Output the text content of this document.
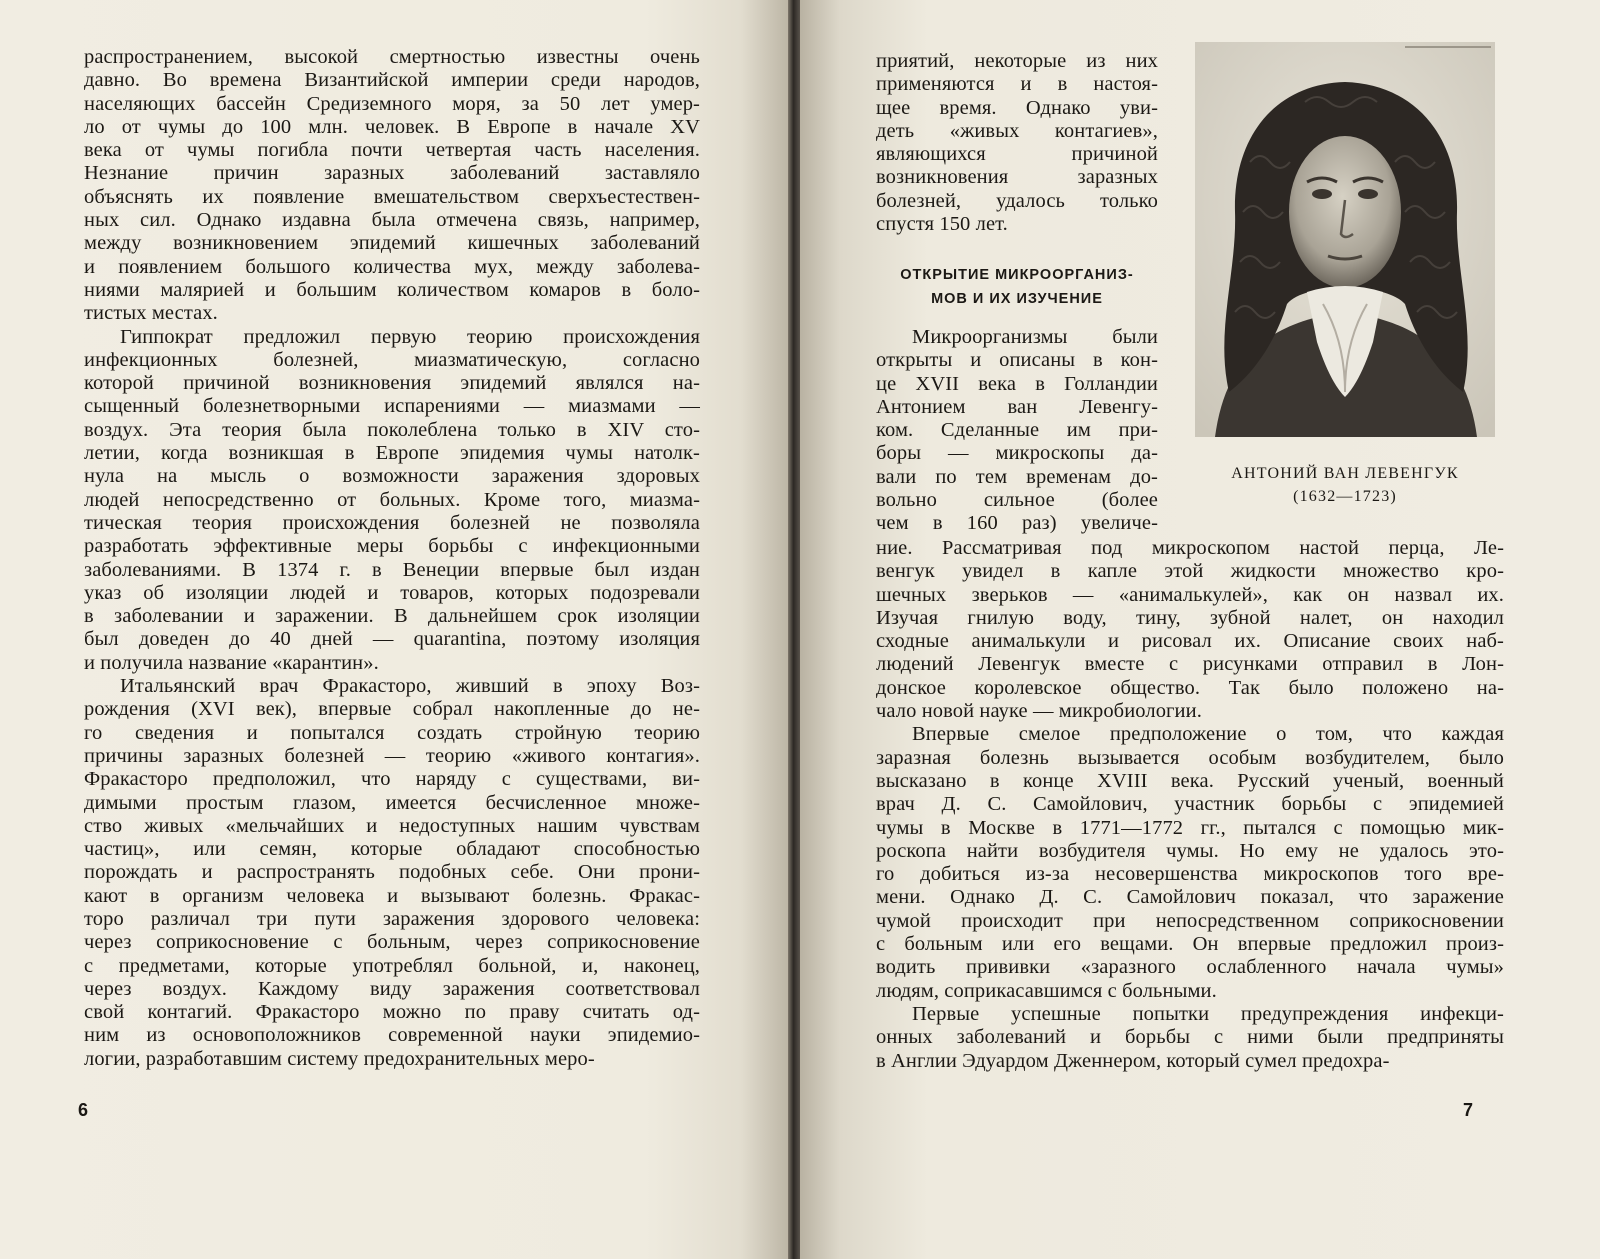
распространением, высокой смертностью известны очень
давно. Во времена Византийской империи среди народов,
населяющих бассейн Средиземного моря, за 50 лет умер-
ло от чумы до 100 млн. человек. В Европе в начале XV
века от чумы погибла почти четвертая часть населения.
Незнание причин заразных заболеваний заставляло
объяснять их появление вмешательством сверхъестествен-
ных сил. Однако издавна была отмечена связь, например,
между возникновением эпидемий кишечных заболеваний
и появлением большого количества мух, между заболева-
ниями малярией и большим количеством комаров в боло-
тистых местах.
Гиппократ предложил первую теорию происхождения
инфекционных болезней, миазматическую, согласно
которой причиной возникновения эпидемий являлся на-
сыщенный болезнетворными испарениями — миазмами —
воздух. Эта теория была поколеблена только в XIV сто-
летии, когда возникшая в Европе эпидемия чумы натолк-
нула на мысль о возможности заражения здоровых
людей непосредственно от больных. Кроме того, миазма-
тическая теория происхождения болезней не позволяла
разработать эффективные меры борьбы с инфекционными
заболеваниями. В 1374 г. в Венеции впервые был издан
указ об изоляции людей и товаров, которых подозревали
в заболевании и заражении. В дальнейшем срок изоляции
был доведен до 40 дней — quarantina, поэтому изоляция
и получила название «карантин».
Итальянский врач Фракасторо, живший в эпоху Воз-
рождения (XVI век), впервые собрал накопленные до не-
го сведения и попытался создать стройную теорию
причины заразных болезней — теорию «живого контагия».
Фракасторо предположил, что наряду с существами, ви-
димыми простым глазом, имеется бесчисленное множе-
ство живых «мельчайших и недоступных нашим чувствам
частиц», или семян, которые обладают способностью
порождать и распространять подобных себе. Они прони-
кают в организм человека и вызывают болезнь. Фракас-
торо различал три пути заражения здорового человека:
через соприкосновение с больным, через соприкосновение
с предметами, которые употреблял больной, и, наконец,
через воздух. Каждому виду заражения соответствовал
свой контагий. Фракасторо можно по праву считать од-
ним из основоположников современной науки эпидемио-
логии, разработавшим систему предохранительных меро-
6
приятий, некоторые из них
применяются и в настоя-
щее время. Однако уви-
деть «живых контагиев»,
являющихся причиной
возникновения заразных
болезней, удалось только
спустя 150 лет.
ОТКРЫТИЕ МИКРООРГАНИЗ-
МОВ И ИХ ИЗУЧЕНИЕ
Микроорганизмы были
открыты и описаны в кон-
це XVII века в Голландии
Антонием ван Левенгу-
ком. Сделанные им при-
боры — микроскопы да-
вали по тем временам до-
вольно сильное (более
чем в 160 раз) увеличе-
АНТОНИЙ ВАН ЛЕВЕНГУК
(1632—1723)
ние. Рассматривая под микроскопом настой перца, Ле-
венгук увидел в капле этой жидкости множество кро-
шечных зверьков — «анималькулей», как он назвал их.
Изучая гнилую воду, тину, зубной налет, он находил
сходные анималькули и рисовал их. Описание своих наб-
людений Левенгук вместе с рисунками отправил в Лон-
донское королевское общество. Так было положено на-
чало новой науке — микробиологии.
Впервые смелое предположение о том, что каждая
заразная болезнь вызывается особым возбудителем, было
высказано в конце XVIII века. Русский ученый, военный
врач Д. С. Самойлович, участник борьбы с эпидемией
чумы в Москве в 1771—1772 гг., пытался с помощью мик-
роскопа найти возбудителя чумы. Но ему не удалось это-
го добиться из-за несовершенства микроскопов того вре-
мени. Однако Д. С. Самойлович показал, что заражение
чумой происходит при непосредственном соприкосновении
с больным или его вещами. Он впервые предложил произ-
водить прививки «заразного ослабленного начала чумы»
людям, соприкасавшимся с больными.
Первые успешные попытки предупреждения инфекци-
онных заболеваний и борьбы с ними были предприняты
в Англии Эдуардом Дженнером, который сумел предохра-
7
